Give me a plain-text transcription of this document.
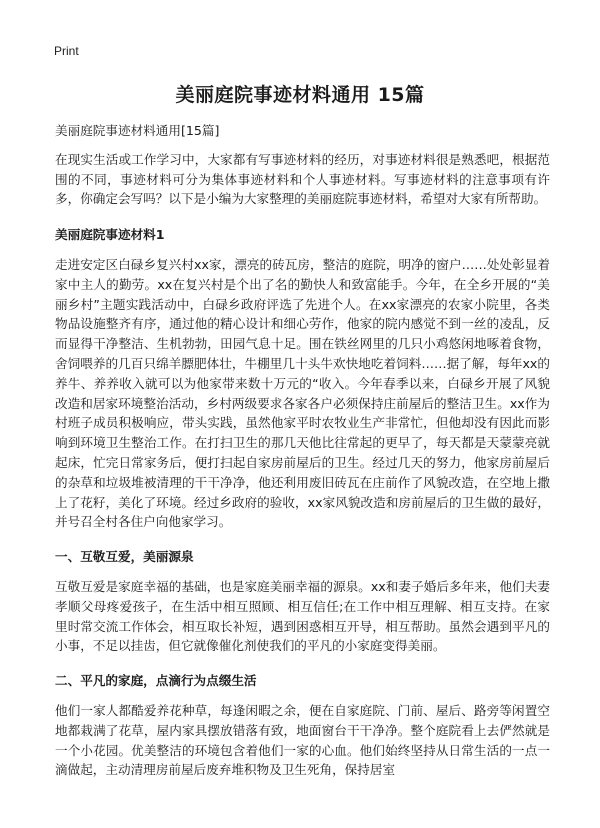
Print
美丽庭院事迹材料通用 15篇

美丽庭院事迹材料通用[15篇]

在现实生活或工作学习中，大家都有写事迹材料的经历，对事迹材料很是熟悉吧，根据范围的不同，事迹材料可分为集体事迹材料和个人事迹材料。写事迹材料的注意事项有许多，你确定会写吗？以下是小编为大家整理的美丽庭院事迹材料，希望对大家有所帮助。

美丽庭院事迹材料1

走进安定区白碌乡复兴村xx家，漂亮的砖瓦房，整洁的庭院，明净的窗户……处处彰显着家中主人的勤劳。xx在复兴村是个出了名的勤快人和致富能手。今年，在全乡开展的“美丽乡村”主题实践活动中，白碌乡政府评选了先进个人。在xx家漂亮的农家小院里，各类物品设施整齐有序，通过他的精心设计和细心劳作，他家的院内感觉不到一丝的凌乱，反而显得干净整洁、生机勃勃，田园气息十足。围在铁丝网里的几只小鸡悠闲地啄着食物，舍饲喂养的几百只绵羊膘肥体壮，牛棚里几十头牛欢快地吃着饲料……据了解，每年xx的养牛、养养收入就可以为他家带来数十万元的“收入。今年春季以来，白碌乡开展了风貌改造和居家环境整治活动，乡村两级要求各家各户必须保持庄前屋后的整洁卫生。xx作为村班子成员积极响应，带头实践，虽然他家平时农牧业生产非常忙，但他却没有因此而影响到环境卫生整治工作。在打扫卫生的那几天他比往常起的更早了，每天都是天蒙蒙亮就起床，忙完日常家务后，便打扫起自家房前屋后的卫生。经过几天的努力，他家房前屋后的杂草和垃圾堆被清理的干干净净，他还利用废旧砖瓦在庄前作了风貌改造，在空地上撒上了花籽，美化了环境。经过乡政府的验收，xx家风貌改造和房前屋后的卫生做的最好，并号召全村各住户向他家学习。

一、互敬互爱，美丽源泉

互敬互爱是家庭幸福的基础，也是家庭美丽幸福的源泉。xx和妻子婚后多年来，他们夫妻孝顺父母疼爱孩子，在生活中相互照顾、相互信任;在工作中相互理解、相互支持。在家里时常交流工作体会，相互取长补短，遇到困惑相互开导，相互帮助。虽然会遇到平凡的小事，不足以挂齿，但它就像催化剂使我们的平凡的小家庭变得美丽。

二、平凡的家庭，点滴行为点缀生活

他们一家人都酷爱养花种草，每逢闲暇之余，便在自家庭院、门前、屋后、路旁等闲置空地都栽满了花草，屋内家具摆放错落有致，地面窗台干干净净。整个庭院看上去俨然就是一个小花园。优美整洁的环境包含着他们一家的心血。他们始终坚持从日常生活的一点一滴做起，主动清理房前屋后废弃堆积物及卫生死角，保持居室
